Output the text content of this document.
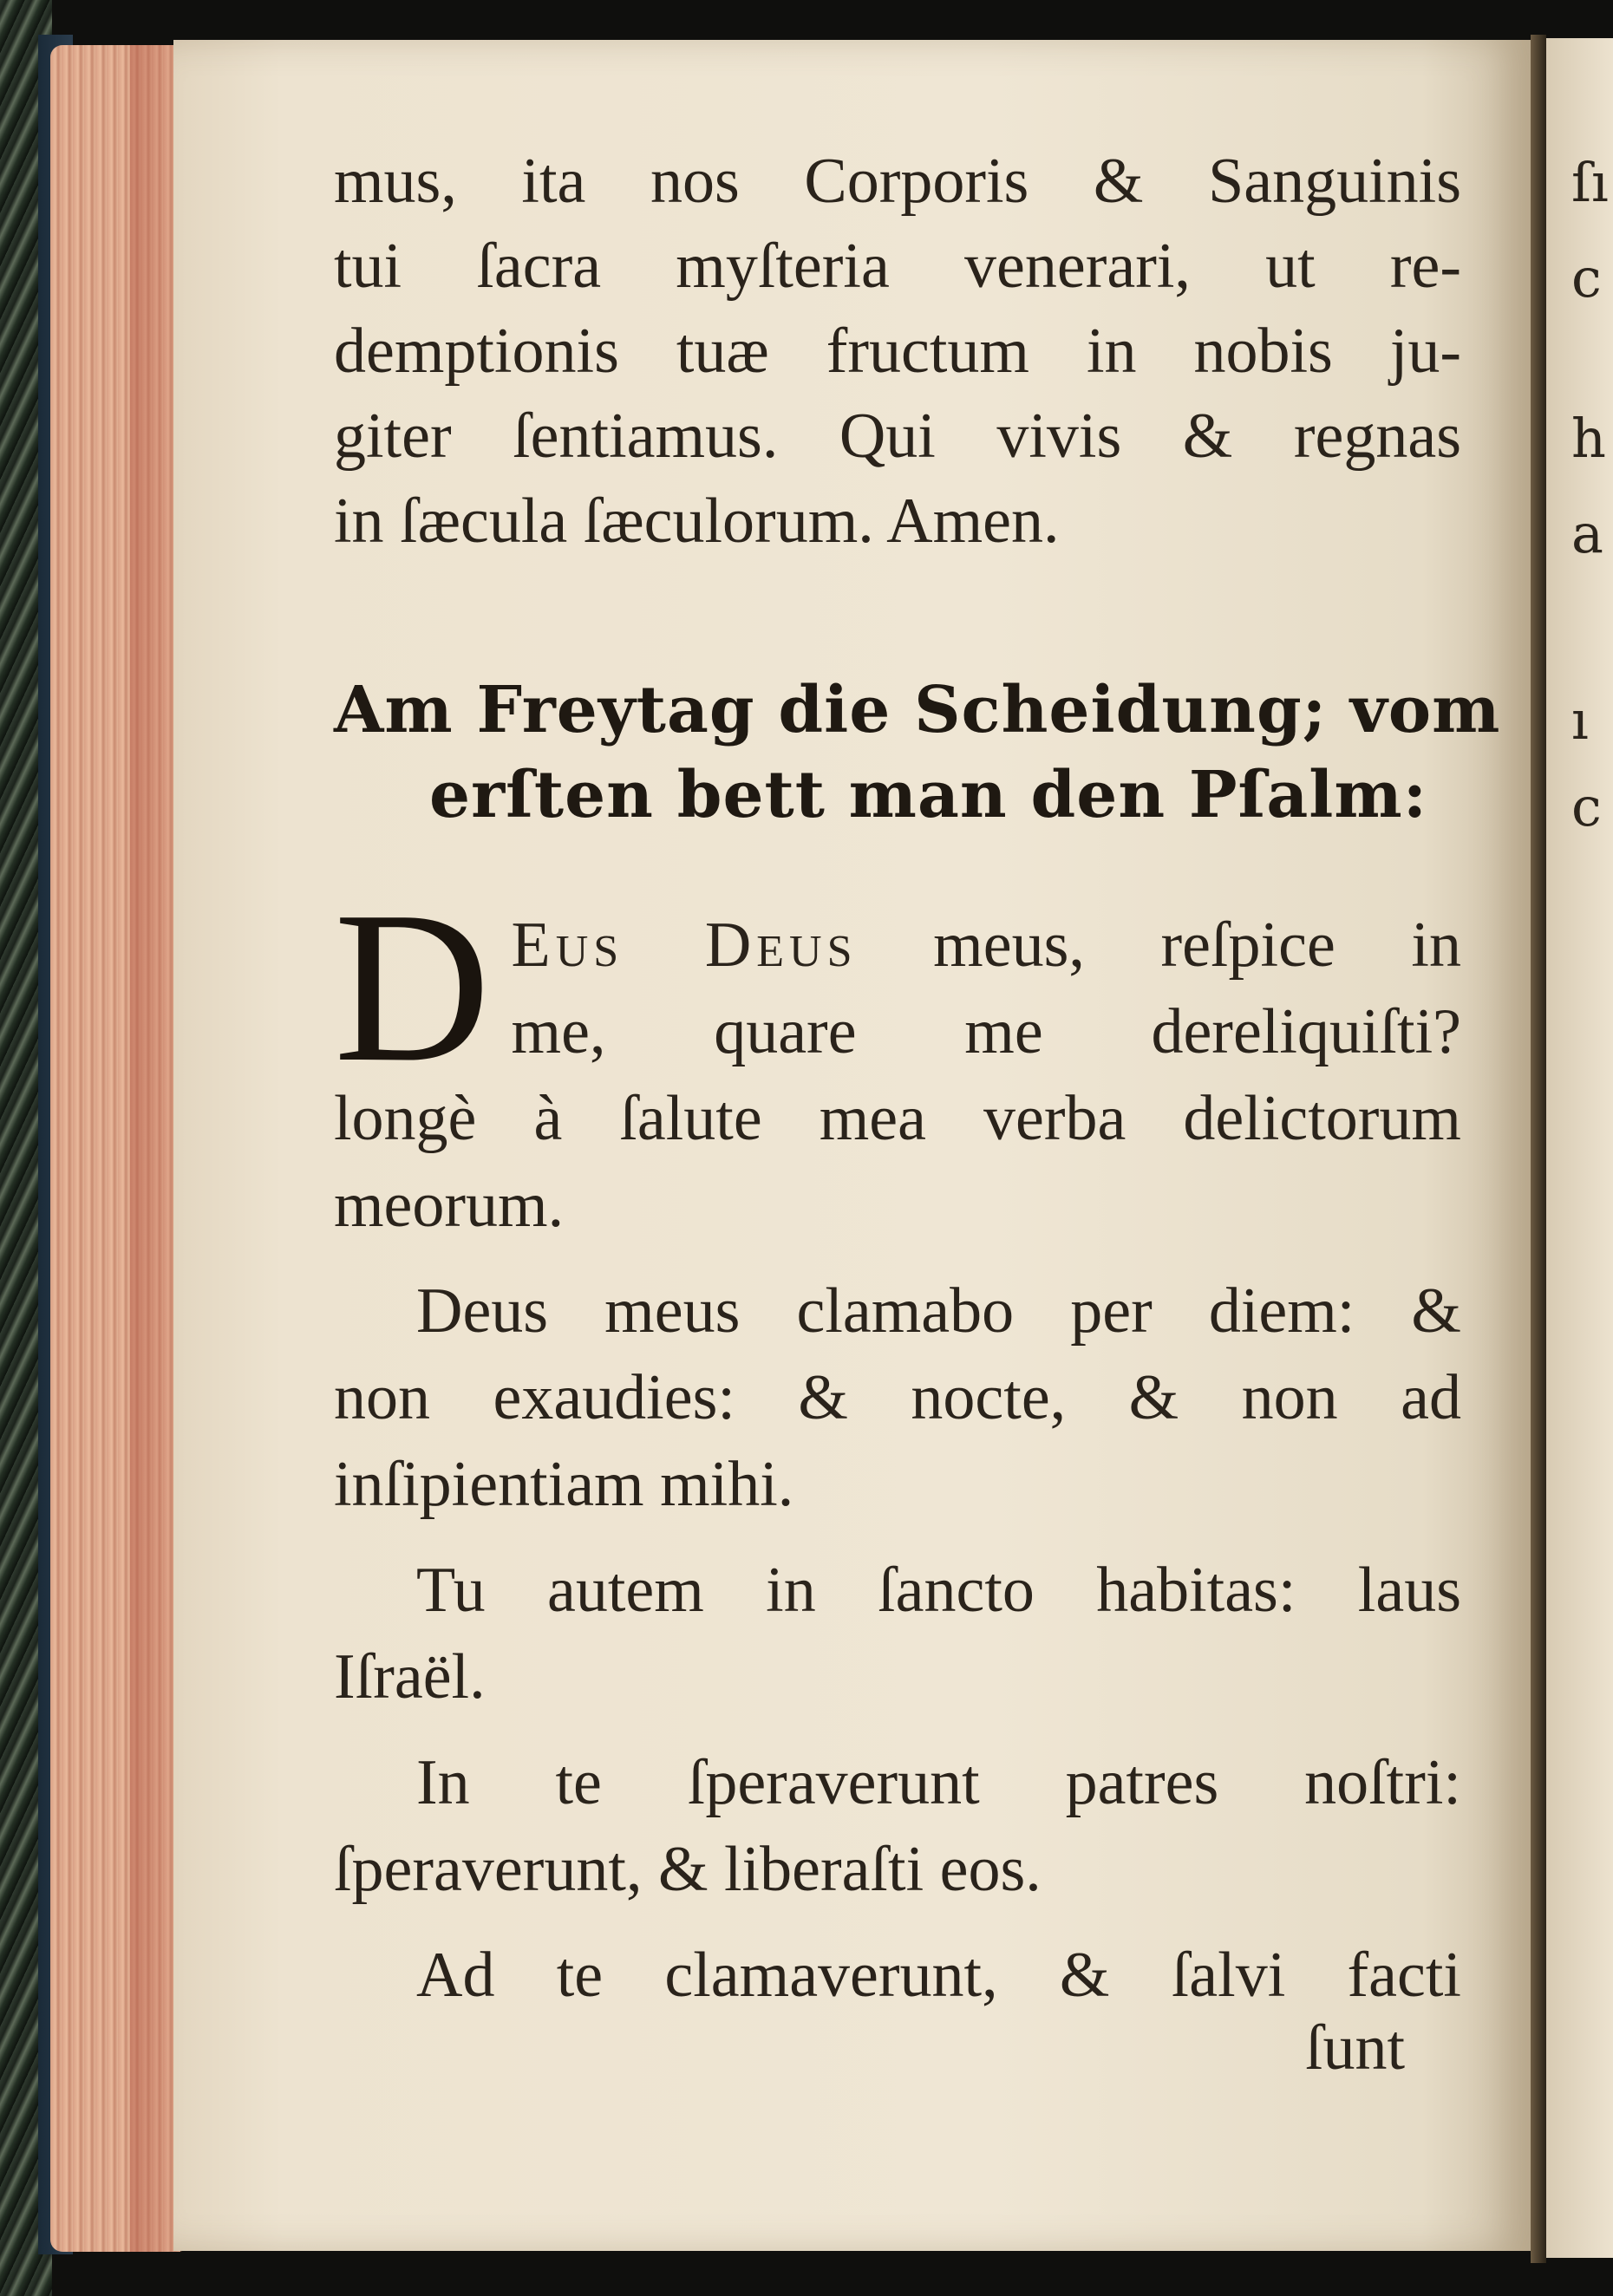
ſı
c
h
a
ı
c
mus, ita nos Corporis & Sanguinis
tui ſacra myſteria venerari, ut re-
demptionis tuæ fructum in nobis ju-
giter ſentiamus. Qui vivis & regnas
in ſæcula ſæculorum. Amen.
Am Freytag die Scheidung; vom
erſten bett man den Pſalm:
D Eus Deus meus, reſpice in
me, quare me dereliquiſti?
longè à ſalute mea verba delictorum
meorum.
Deus meus clamabo per diem: &
non exaudies: & nocte, & non ad
inſipientiam mihi.
Tu autem in ſancto habitas: laus
Iſraël.
In te ſperaverunt patres noſtri:
ſperaverunt, & liberaſti eos.
Ad te clamaverunt, & ſalvi facti
ſunt
